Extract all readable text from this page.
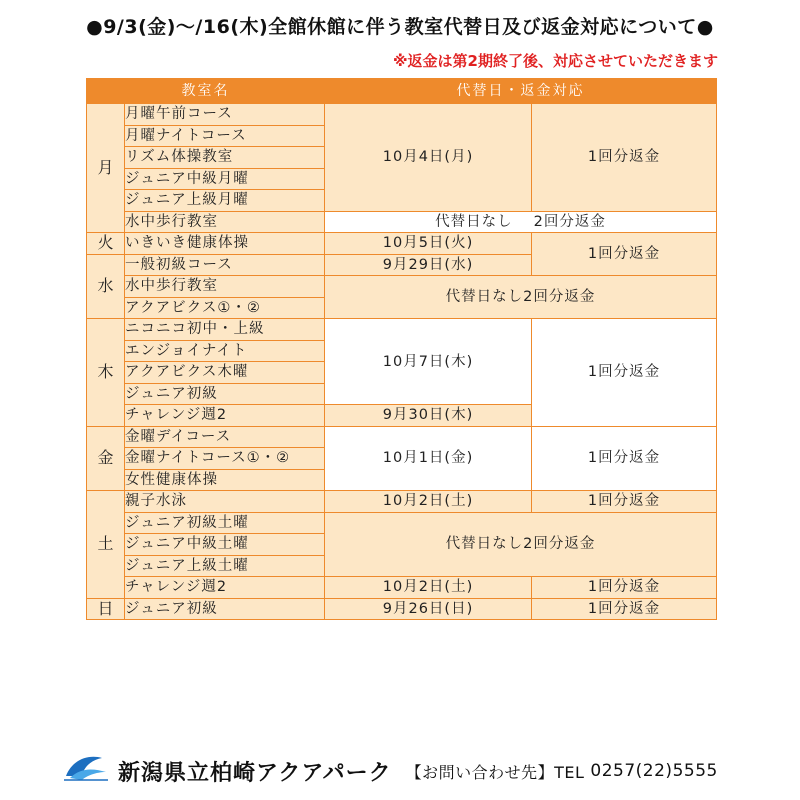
●9/3(金)～/16(木)全館休館に伴う教室代替日及び返金対応について●
※返金は第2期終了後、対応させていただきます
教室名		代替日・返金対応	
月	月曜午前コース	10月4日(月)	1回分返金
	月曜ナイトコース		
	リズム体操教室		
	ジュニア中級月曜		
	ジュニア上級月曜		
	水中歩行教室	代替日なし　 2回分返金	
火	いきいき健康体操	10月5日(火)	1回分返金
水	一般初級コース	9月29日(水)	
	水中歩行教室	代替日なし2回分返金	
	アクアビクス①・②		
木	ニコニコ初中・上級	10月7日(木)	1回分返金
	エンジョイナイト		
	アクアビクス木曜		
	ジュニア初級		
	チャレンジ週2	9月30日(木)	
金	金曜デイコース	10月1日(金)	1回分返金
	金曜ナイトコース①・②		
	女性健康体操		
土	親子水泳	10月2日(土)	1回分返金
	ジュニア初級土曜	代替日なし2回分返金	
	ジュニア中級土曜		
	ジュニア上級土曜		
	チャレンジ週2	10月2日(土)	1回分返金
日	ジュニア初級	9月26日(日)	1回分返金
新潟県立柏崎アクアパーク 【お問い合わせ先】TEL 0257(22)5555
